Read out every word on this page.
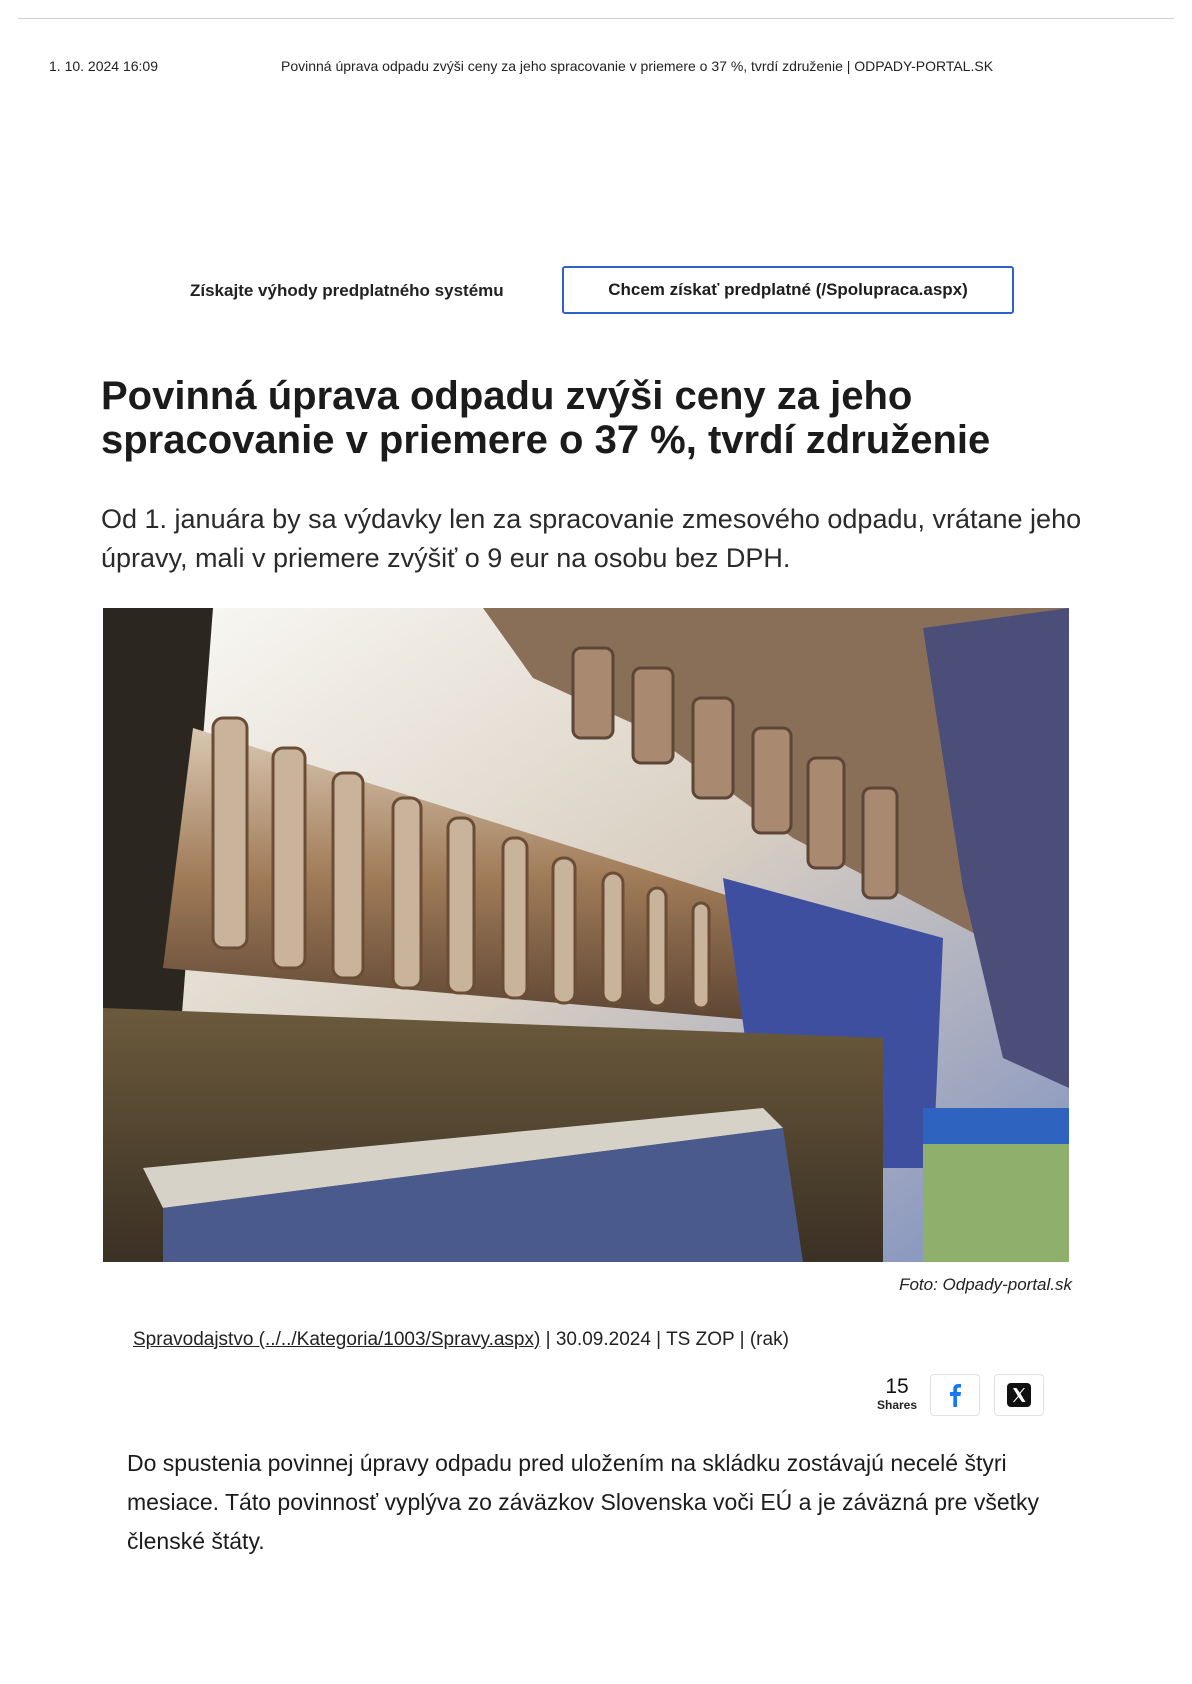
1. 10. 2024 16:09	Povinná úprava odpadu zvýši ceny za jeho spracovanie v priemere o 37 %, tvrdí združenie | ODPADY-PORTAL.SK
Získajte výhody predplatného systému	Chcem získať predplatné (/Spolupraca.aspx)
Povinná úprava odpadu zvýši ceny za jeho spracovanie v priemere o 37 %, tvrdí združenie

Od 1. januára by sa výdavky len za spracovanie zmesového odpadu, vrátane jeho úpravy, mali v priemere zvýšiť o 9 eur na osobu bez DPH.

Foto: Odpady-portal.sk
Spravodajstvo (../../Kategoria/1003/Spravy.aspx) | 30.09.2024 | TS ZOP | (rak)
15
Shares

Do spustenia povinnej úpravy odpadu pred uložením na skládku zostávajú necelé štyri mesiace. Táto povinnosť vyplýva zo záväzkov Slovenska voči EÚ a je záväzná pre všetky členské štáty.
